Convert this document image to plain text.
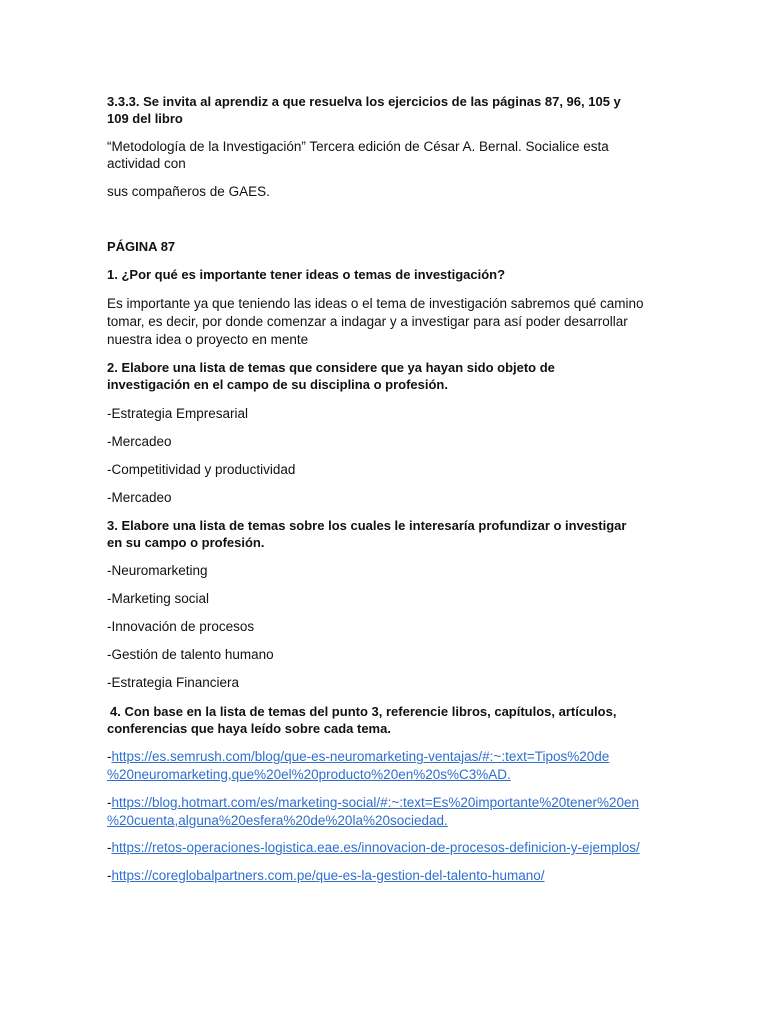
3.3.3. Se invita al aprendiz a que resuelva los ejercicios de las páginas 87, 96, 105 y
109 del libro
“Metodología de la Investigación” Tercera edición de César A. Bernal. Socialice esta
actividad con
sus compañeros de GAES.
PÁGINA 87
1. ¿Por qué es importante tener ideas o temas de investigación?
Es importante ya que teniendo las ideas o el tema de investigación sabremos qué camino
tomar, es decir, por donde comenzar a indagar y a investigar para así poder desarrollar
nuestra idea o proyecto en mente
2. Elabore una lista de temas que considere que ya hayan sido objeto de
investigación en el campo de su disciplina o profesión.
-Estrategia Empresarial
-Mercadeo
-Competitividad y productividad
-Mercadeo
3. Elabore una lista de temas sobre los cuales le interesaría profundizar o investigar
en su campo o profesión.
-Neuromarketing
-Marketing social
-Innovación de procesos
-Gestión de talento humano
-Estrategia Financiera
4. Con base en la lista de temas del punto 3, referencie libros, capítulos, artículos,
conferencias que haya leído sobre cada tema.
-https://es.semrush.com/blog/que-es-neuromarketing-ventajas/#:~:text=Tipos%20de
%20neuromarketing,que%20el%20producto%20en%20s%C3%AD.
-https://blog.hotmart.com/es/marketing-social/#:~:text=Es%20importante%20tener%20en
%20cuenta,alguna%20esfera%20de%20la%20sociedad.
-https://retos-operaciones-logistica.eae.es/innovacion-de-procesos-definicion-y-ejemplos/
-https://coreglobalpartners.com.pe/que-es-la-gestion-del-talento-humano/
